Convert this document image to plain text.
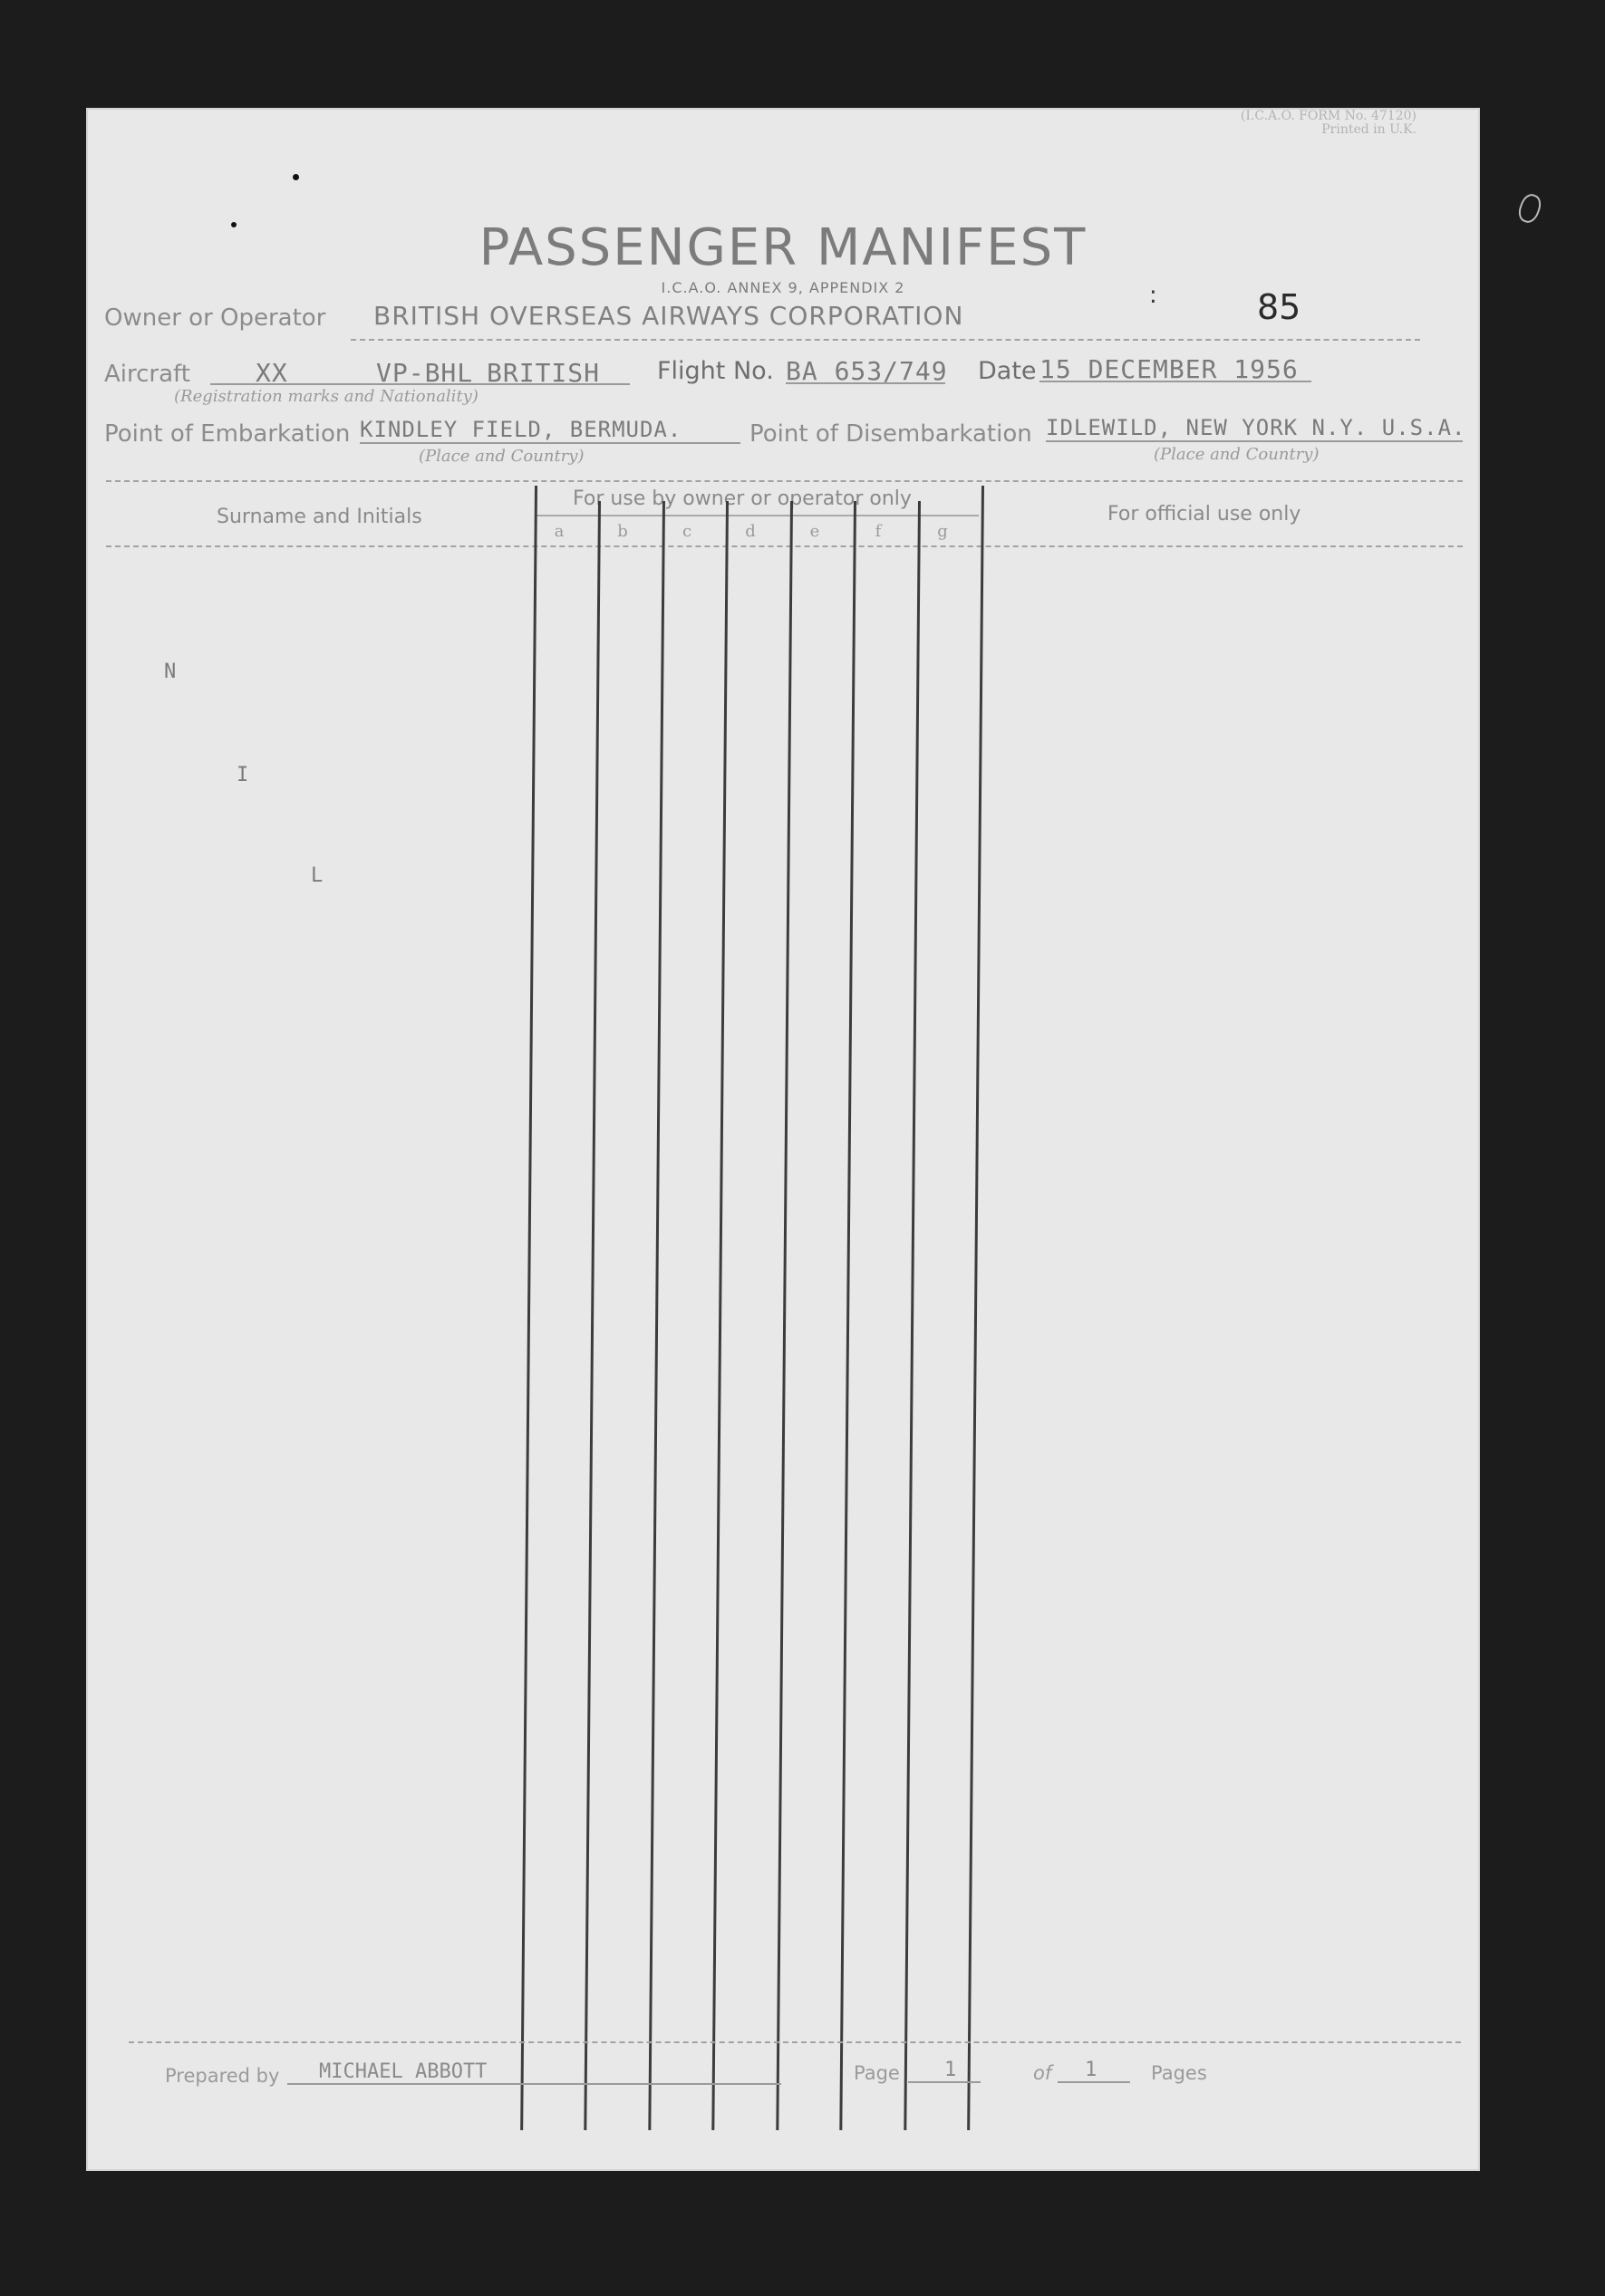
(I.C.A.O. FORM No. 47120)
Printed in U.K.
PASSENGER MANIFEST
I.C.A.O. ANNEX 9, APPENDIX 2	:	85
Owner or Operator BRITISH OVERSEAS AIRWAYS CORPORATION
Aircraft	XX	VP-BHL BRITISH
(Registration marks and Nationality)
Flight No. BA 653/749 Date 15 DECEMBER 1956
Point of Embarkation KINDLEY FIELD, BERMUDA.
(Place and Country)
Point of Disembarkation IDLEWILD, NEW YORK N.Y. U.S.A.
(Place and Country)
Surname and Initials
For use by owner or operator only
For official use only
a	b	c	d	e	f	g
N
I
L
Prepared by MICHAEL ABBOTT	Page 1	of 1	Pages
